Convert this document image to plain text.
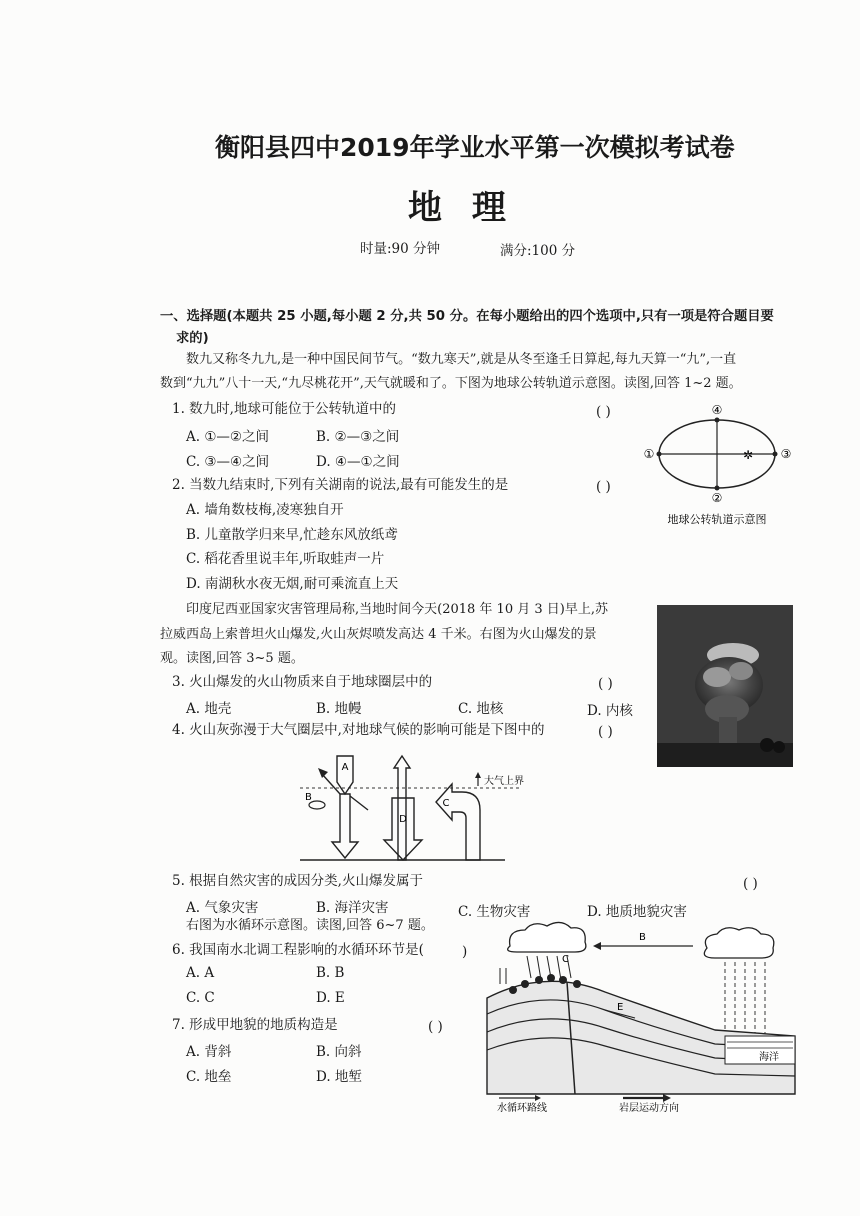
衡阳县四中2019年学业水平第一次模拟考试卷
地 理
时量:90 分钟	满分:100 分
一、选择题(本题共 25 小题,每小题 2 分,共 50 分。在每小题给出的四个选项中,只有一项是符合题目要
求的)
数九又称冬九九,是一种中国民间节气。“数九寒天”,就是从冬至逢壬日算起,每九天算一“九”,一直
数到“九九”八十一天,“九尽桃花开”,天气就暖和了。下图为地球公转轨道示意图。读图,回答 1~2 题。
1. 数九时,地球可能位于公转轨道中的	( )
A. ①—②之间	B. ②—③之间
C. ③—④之间	D. ④—①之间	①
②
③
④
✲
地球公转轨道示意图
2. 当数九结束时,下列有关湖南的说法,最有可能发生的是	( )
A. 墙角数枝梅,凌寒独自开
B. 儿童散学归来早,忙趁东风放纸鸢
C. 稻花香里说丰年,听取蛙声一片
D. 南湖秋水夜无烟,耐可乘流直上天
印度尼西亚国家灾害管理局称,当地时间今天(2018 年 10 月 3 日)早上,苏
拉威西岛上索普坦火山爆发,火山灰烬喷发高达 4 千米。右图为火山爆发的景
观。读图,回答 3~5 题。
3. 火山爆发的火山物质来自于地球圈层中的	( )
A. 地壳	B. 地幔	C. 地核	D. 内核
4. 火山灰弥漫于大气圈层中,对地球气候的影响可能是下图中的	( )
A
B
D
C
大气上界
5. 根据自然灾害的成因分类,火山爆发属于	( )
A. 气象灾害	B. 海洋灾害	C. 生物灾害	D. 地质地貌灾害
右图为水循环示意图。读图,回答 6~7 题。
6. 我国南水北调工程影响的水循环环节是(	)
A. A	B. B
C. C	D. E
7. 形成甲地貌的地质构造是	( )
A. 背斜	B. 向斜
C. 地垒	D. 地堑
B
C
E
海洋
水循环路线	岩层运动方向
